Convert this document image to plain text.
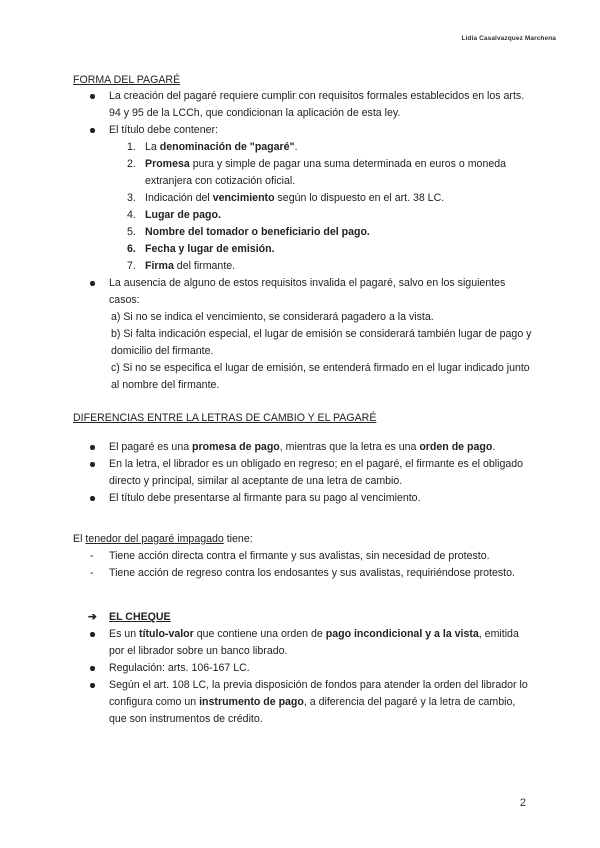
Lidia Casalvazquez Marchena

FORMA DEL PAGARÉ

La creación del pagaré requiere cumplir con requisitos formales establecidos en los arts. 94 y 95 de la LCCh, que condicionan la aplicación de esta ley.
El título debe contener:
1. La denominación de "pagaré".
2. Promesa pura y simple de pagar una suma determinada en euros o moneda extranjera con cotización oficial.
3. Indicación del vencimiento según lo dispuesto en el art. 38 LC.
4. Lugar de pago.
5. Nombre del tomador o beneficiario del pago.
6. Fecha y lugar de emisión.
7. Firma del firmante.
La ausencia de alguno de estos requisitos invalida el pagaré, salvo en los siguientes casos:
a) Si no se indica el vencimiento, se considerará pagadero a la vista.
b) Si falta indicación especial, el lugar de emisión se considerará también lugar de pago y domicilio del firmante.
c) Si no se especifica el lugar de emisión, se entenderá firmado en el lugar indicado junto al nombre del firmante.

DIFERENCIAS ENTRE LA LETRAS DE CAMBIO Y EL PAGARÉ

El pagaré es una promesa de pago, mientras que la letra es una orden de pago.
En la letra, el librador es un obligado en regreso; en el pagaré, el firmante es el obligado directo y principal, similar al aceptante de una letra de cambio.
El título debe presentarse al firmante para su pago al vencimiento.
El tenedor del pagaré impagado tiene:
- Tiene acción directa contra el firmante y sus avalistas, sin necesidad de protesto.
- Tiene acción de regreso contra los endosantes y sus avalistas, requiriéndose protesto.
➔ EL CHEQUE
Es un título-valor que contiene una orden de pago incondicional y a la vista, emitida por el librador sobre un banco librado.
Regulación: arts. 106-167 LC.
Según el art. 108 LC, la previa disposición de fondos para atender la orden del librador lo configura como un instrumento de pago, a diferencia del pagaré y la letra de cambio, que son instrumentos de crédito.
2
